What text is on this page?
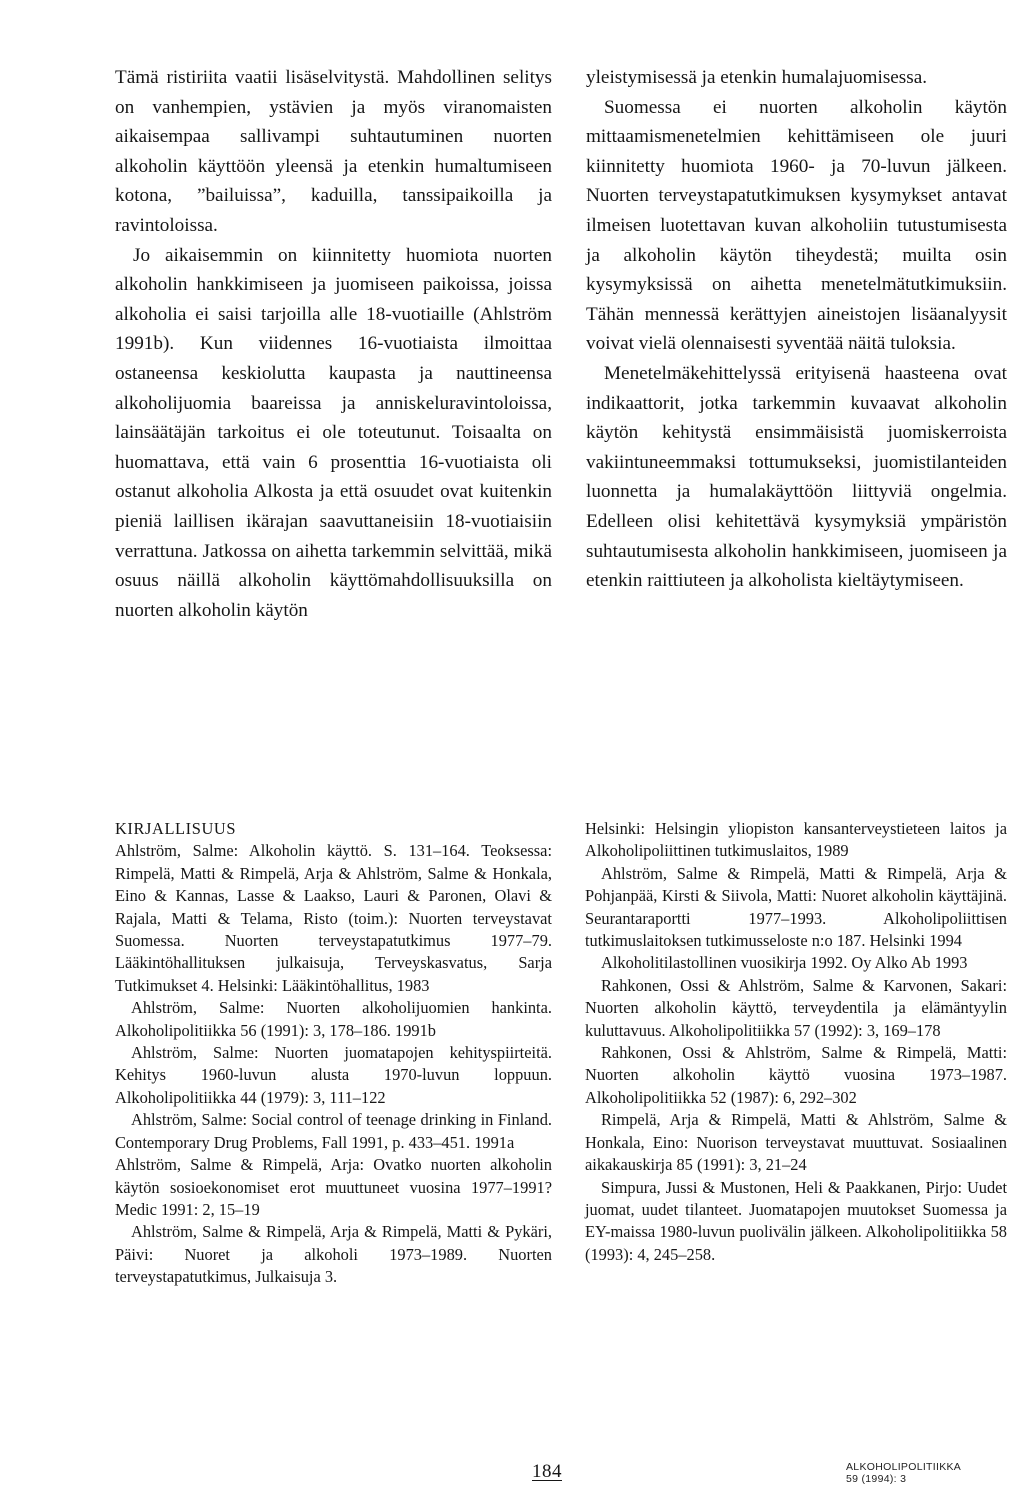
Tämä ristiriita vaatii lisäselvitystä. Mahdollinen selitys on vanhempien, ystävien ja myös viranomaisten aikaisempaa sallivampi suhtautuminen nuorten alkoholin käyttöön yleensä ja etenkin humaltumiseen kotona, ”bailuissa”, kaduilla, tanssipaikoilla ja ravintoloissa.

Jo aikaisemmin on kiinnitetty huomiota nuorten alkoholin hankkimiseen ja juomiseen paikoissa, joissa alkoholia ei saisi tarjoilla alle 18-vuotiaille (Ahlström 1991b). Kun viidennes 16-vuotiaista ilmoittaa ostaneensa keskiolutta kaupasta ja nauttineensa alkoholijuomia baareissa ja anniskeluravintoloissa, lainsäätäjän tarkoitus ei ole toteutunut. Toisaalta on huomattava, että vain 6 prosenttia 16-vuotiaista oli ostanut alkoholia Alkosta ja että osuudet ovat kuitenkin pieniä laillisen ikärajan saavuttaneisiin 18-vuotiaisiin verrattuna. Jatkossa on aihetta tarkemmin selvittää, mikä osuus näillä alkoholin käyttömahdollisuuksilla on nuorten alkoholin käytön

yleistymisessä ja etenkin humalajuomisessa.

Suomessa ei nuorten alkoholin käytön mittaamismenetelmien kehittämiseen ole juuri kiinnitetty huomiota 1960- ja 70-luvun jälkeen. Nuorten terveystapatutkimuksen kysymykset antavat ilmeisen luotettavan kuvan alkoholiin tutustumisesta ja alkoholin käytön tiheydestä; muilta osin kysymyksissä on aihetta menetelmätutkimuksiin. Tähän mennessä kerättyjen aineistojen lisäanalyysit voivat vielä olennaisesti syventää näitä tuloksia.

Menetelmäkehittelyssä erityisenä haasteena ovat indikaattorit, jotka tarkemmin kuvaavat alkoholin käytön kehitystä ensimmäisistä juomiskerroista vakiintuneemmaksi tottumukseksi, juomistilanteiden luonnetta ja humalakäyttöön liittyviä ongelmia. Edelleen olisi kehitettävä kysymyksiä ympäristön suhtautumisesta alkoholin hankkimiseen, juomiseen ja etenkin raittiuteen ja alkoholista kieltäytymiseen.

KIRJALLISUUS

Ahlström, Salme: Alkoholin käyttö. S. 131–164. Teoksessa: Rimpelä, Matti & Rimpelä, Arja & Ahlström, Salme & Honkala, Eino & Kannas, Lasse & Laakso, Lauri & Paronen, Olavi & Rajala, Matti & Telama, Risto (toim.): Nuorten terveystavat Suomessa. Nuorten terveystapatutkimus 1977–79. Lääkintöhallituksen julkaisuja, Terveyskasvatus, Sarja Tutkimukset 4. Helsinki: Lääkintöhallitus, 1983

Ahlström, Salme: Nuorten alkoholijuomien hankinta. Alkoholipolitiikka 56 (1991): 3, 178–186. 1991b

Ahlström, Salme: Nuorten juomatapojen kehityspiirteitä. Kehitys 1960-luvun alusta 1970-luvun loppuun. Alkoholipolitiikka 44 (1979): 3, 111–122

Ahlström, Salme: Social control of teenage drinking in Finland. Contemporary Drug Problems, Fall 1991, p. 433–451. 1991a

Ahlström, Salme & Rimpelä, Arja: Ovatko nuorten alkoholin käytön sosioekonomiset erot muuttuneet vuosina 1977–1991? Medic 1991: 2, 15–19

Ahlström, Salme & Rimpelä, Arja & Rimpelä, Matti & Pykäri, Päivi: Nuoret ja alkoholi 1973–1989. Nuorten terveystapatutkimus, Julkaisuja 3.

Helsinki: Helsingin yliopiston kansanterveystieteen laitos ja Alkoholipoliittinen tutkimuslaitos, 1989

Ahlström, Salme & Rimpelä, Matti & Rimpelä, Arja & Pohjanpää, Kirsti & Siivola, Matti: Nuoret alkoholin käyttäjinä. Seurantaraportti 1977–1993. Alkoholipoliittisen tutkimuslaitoksen tutkimusseloste n:o 187. Helsinki 1994

Alkoholitilastollinen vuosikirja 1992. Oy Alko Ab 1993

Rahkonen, Ossi & Ahlström, Salme & Karvonen, Sakari: Nuorten alkoholin käyttö, terveydentila ja elämäntyylin kuluttavuus. Alkoholipolitiikka 57 (1992): 3, 169–178

Rahkonen, Ossi & Ahlström, Salme & Rimpelä, Matti: Nuorten alkoholin käyttö vuosina 1973–1987. Alkoholipolitiikka 52 (1987): 6, 292–302

Rimpelä, Arja & Rimpelä, Matti & Ahlström, Salme & Honkala, Eino: Nuorison terveystavat muuttuvat. Sosiaalinen aikakauskirja 85 (1991): 3, 21–24

Simpura, Jussi & Mustonen, Heli & Paakkanen, Pirjo: Uudet juomat, uudet tilanteet. Juomatapojen muutokset Suomessa ja EY-maissa 1980-luvun puolivälin jälkeen. Alkoholipolitiikka 58 (1993): 4, 245–258.

184	ALKOHOLIPOLITIIKKA
59 (1994): 3
